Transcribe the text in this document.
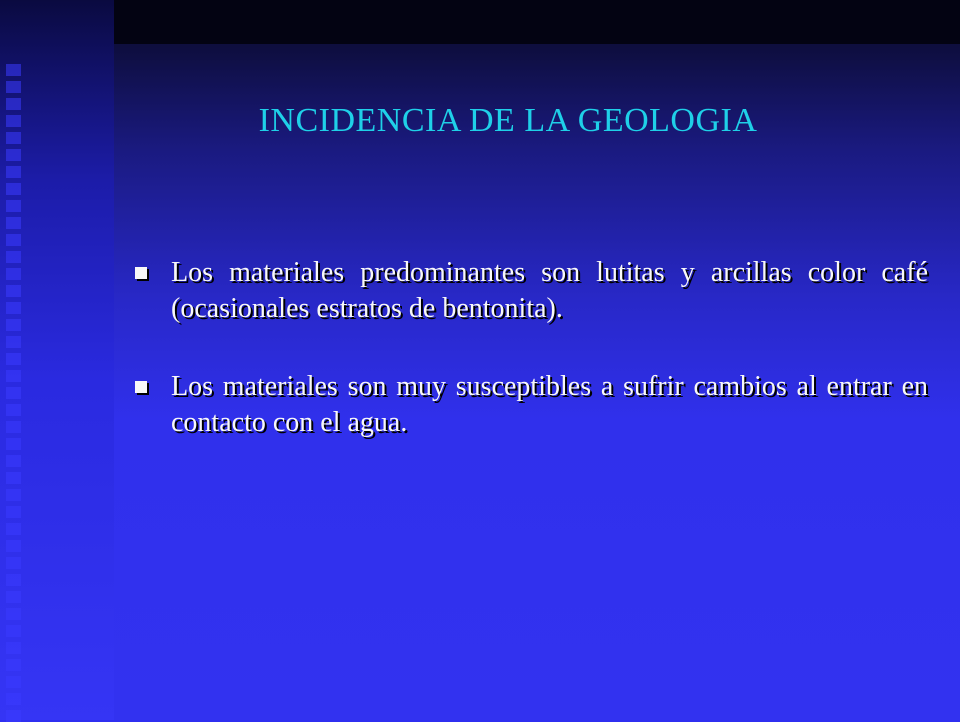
INCIDENCIA DE LA GEOLOGIA
Los materiales predominantes son lutitas y arcillas color café (ocasionales estratos de bentonita).
Los materiales son muy susceptibles a sufrir cambios al entrar en contacto con el agua.
